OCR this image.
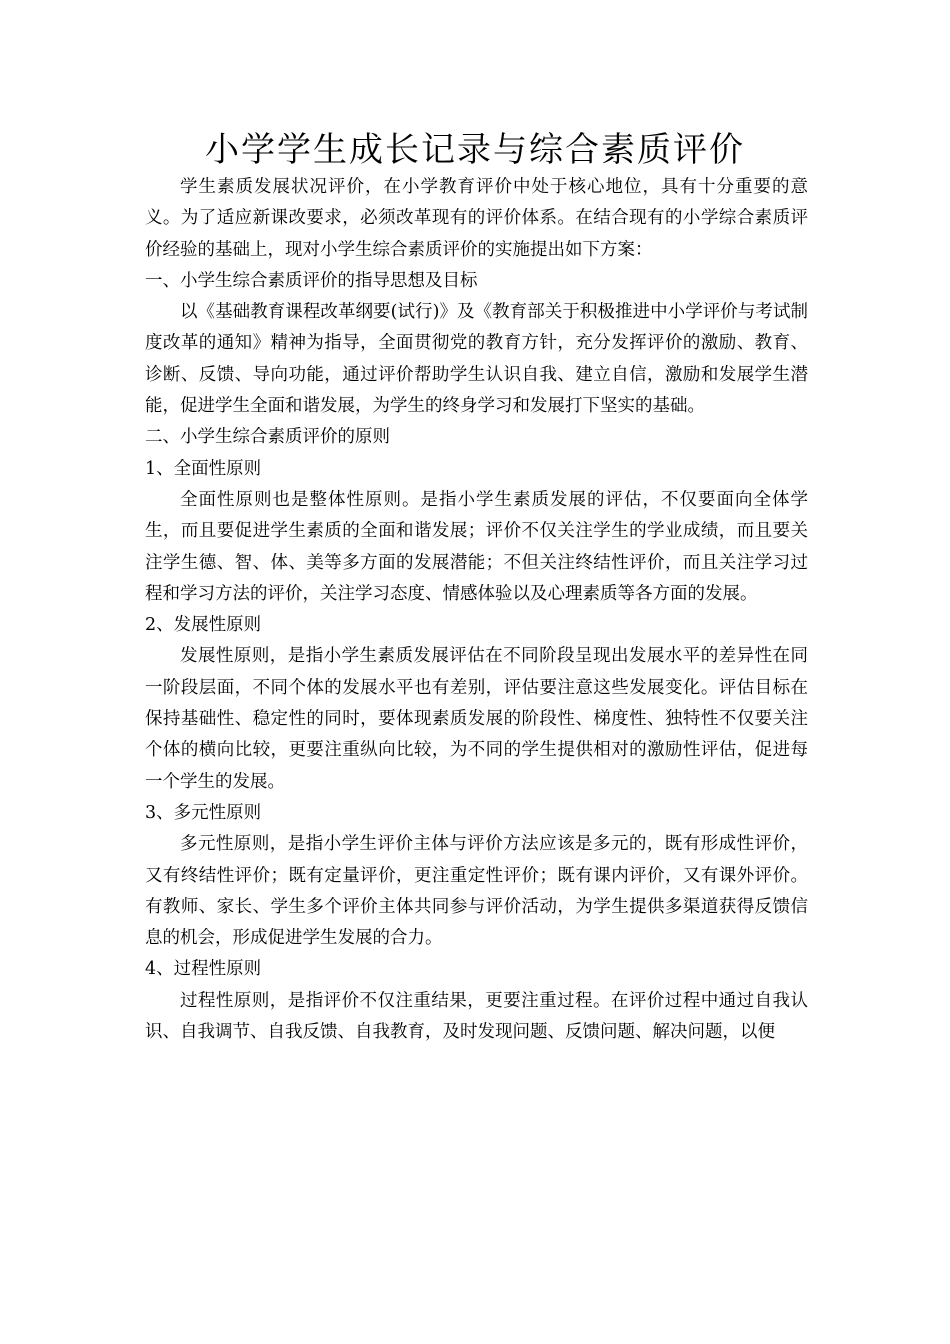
小学学生成长记录与综合素质评价

学生素质发展状况评价，在小学教育评价中处于核心地位，具有十分重要的意义。为了适应新课改要求，必须改革现有的评价体系。在结合现有的小学综合素质评价经验的基础上，现对小学生综合素质评价的实施提出如下方案：

一、小学生综合素质评价的指导思想及目标

以《基础教育课程改革纲要(试行)》及《教育部关于积极推进中小学评价与考试制度改革的通知》精神为指导，全面贯彻党的教育方针，充分发挥评价的激励、教育、诊断、反馈、导向功能，通过评价帮助学生认识自我、建立自信，激励和发展学生潜能，促进学生全面和谐发展，为学生的终身学习和发展打下坚实的基础。

二、小学生综合素质评价的原则

1、全面性原则

全面性原则也是整体性原则。是指小学生素质发展的评估，不仅要面向全体学生，而且要促进学生素质的全面和谐发展；评价不仅关注学生的学业成绩，而且要关注学生德、智、体、美等多方面的发展潜能；不但关注终结性评价，而且关注学习过程和学习方法的评价，关注学习态度、情感体验以及心理素质等各方面的发展。

2、发展性原则

发展性原则，是指小学生素质发展评估在不同阶段呈现出发展水平的差异性在同一阶段层面，不同个体的发展水平也有差别，评估要注意这些发展变化。评估目标在保持基础性、稳定性的同时，要体现素质发展的阶段性、梯度性、独特性不仅要关注个体的横向比较，更要注重纵向比较，为不同的学生提供相对的激励性评估，促进每一个学生的发展。

3、多元性原则

多元性原则，是指小学生评价主体与评价方法应该是多元的，既有形成性评价，又有终结性评价；既有定量评价，更注重定性评价；既有课内评价，又有课外评价。有教师、家长、学生多个评价主体共同参与评价活动，为学生提供多渠道获得反馈信息的机会，形成促进学生发展的合力。

4、过程性原则

过程性原则，是指评价不仅注重结果，更要注重过程。在评价过程中通过自我认识、自我调节、自我反馈、自我教育，及时发现问题、反馈问题、解决问题，以便
